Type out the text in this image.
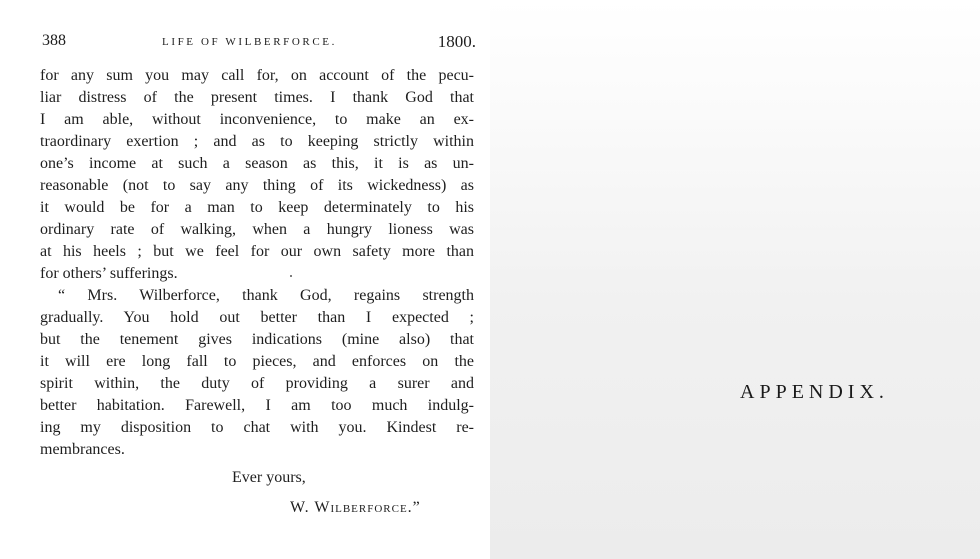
388	LIFE OF WILBERFORCE.	1800.
for any sum you may call for, on account of the pecu-
liar distress of the present times. I thank God that
I am able, without inconvenience, to make an ex-
traordinary exertion ; and as to keeping strictly within
one’s income at such a season as this, it is as un-
reasonable (not to say any thing of its wickedness) as
it would be for a man to keep determinately to his
ordinary rate of walking, when a hungry lioness was
at his heels ; but we feel for our own safety more than
for others’ sufferings.
“ Mrs. Wilberforce, thank God, regains strength
gradually. You hold out better than I expected ;
but the tenement gives indications (mine also) that
it will ere long fall to pieces, and enforces on the
spirit within, the duty of providing a surer and
better habitation. Farewell, I am too much indulg-
ing my disposition to chat with you. Kindest re-
membrances.
Ever yours,
W. Wilberforce.”
APPENDIX.
